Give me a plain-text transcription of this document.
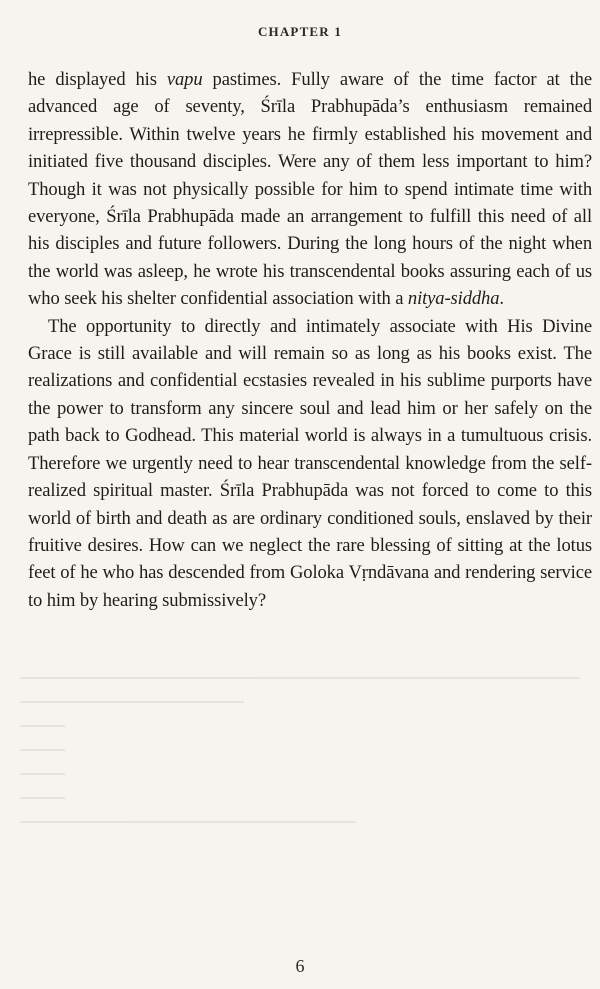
CHAPTER 1

he displayed his vapu pastimes. Fully aware of the time factor at the advanced age of seventy, Śrīla Prabhupāda’s enthusiasm remained irrepressible. Within twelve years he firmly established his movement and initiated five thousand disciples. Were any of them less important to him? Though it was not physically possible for him to spend intimate time with everyone, Śrīla Prabhupāda made an arrangement to fulfill this need of all his disciples and future followers. During the long hours of the night when the world was asleep, he wrote his transcendental books assuring each of us who seek his shelter confidential association with a nitya-siddha.

The opportunity to directly and intimately associate with His Divine Grace is still available and will remain so as long as his books exist. The realizations and confidential ecstasies revealed in his sublime purports have the power to transform any sincere soul and lead him or her safely on the path back to Godhead. This material world is always in a tumultuous crisis. Therefore we urgently need to hear transcendental knowledge from the self-realized spiritual master. Śrīla Prabhupāda was not forced to come to this world of birth and death as are ordinary conditioned souls, enslaved by their fruitive desires. How can we neglect the rare blessing of sitting at the lotus feet of he who has descended from Goloka Vṛndāvana and rendering service to him by hearing submissively?

6
